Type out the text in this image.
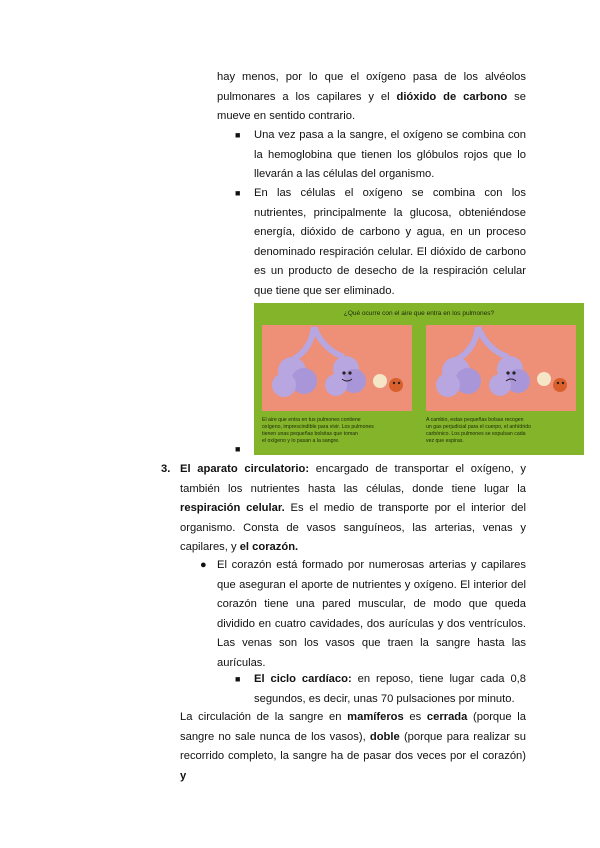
hay menos, por lo que el oxígeno pasa de los alvéolos pulmonares a los capilares y el dióxido de carbono se mueve en sentido contrario.

■ Una vez pasa a la sangre, el oxígeno se combina con la hemoglobina que tienen los glóbulos rojos que lo llevarán a las células del organismo.

■ En las células el oxígeno se combina con los nutrientes, principalmente la glucosa, obteniéndose energía, dióxido de carbono y agua, en un proceso denominado respiración celular. El dióxido de carbono es un producto de desecho de la respiración celular que tiene que ser eliminado.

■
¿Qué ocurre con el aire que entra en los pulmones?
El aire que entra en tus pulmones contiene oxígeno, imprescindible para vivir. Los pulmones tienen unas pequeñas bolsitas que toman el oxígeno y lo pasan a la sangre.
A cambio, estas pequeñas bolsas recogen un gas perjudicial para el cuerpo, el anhídrido carbónico. Los pulmones se expulsan cada vez que espiras.
3. El aparato circulatorio: encargado de transportar el oxígeno, y también los nutrientes hasta las células, donde tiene lugar la respiración celular. Es el medio de transporte por el interior del organismo. Consta de vasos sanguíneos, las arterias, venas y capilares, y el corazón.

● El corazón está formado por numerosas arterias y capilares que aseguran el aporte de nutrientes y oxígeno. El interior del corazón tiene una pared muscular, de modo que queda dividido en cuatro cavidades, dos aurículas y dos ventrículos. Las venas son los vasos que traen la sangre hasta las aurículas.

■ El ciclo cardíaco: en reposo, tiene lugar cada 0,8 segundos, es decir, unas 70 pulsaciones por minuto.

La circulación de la sangre en mamíferos es cerrada (porque la sangre no sale nunca de los vasos), doble (porque para realizar su recorrido completo, la sangre ha de pasar dos veces por el corazón) y
